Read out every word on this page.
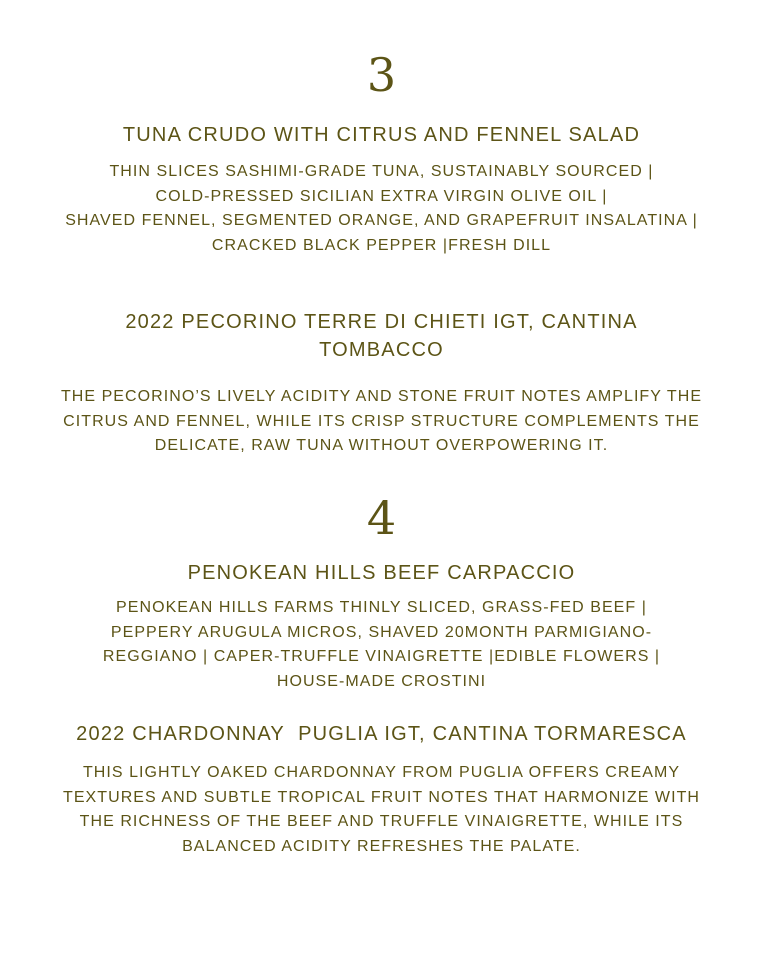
3
TUNA CRUDO WITH CITRUS AND FENNEL SALAD
THIN SLICES SASHIMI-GRADE TUNA, SUSTAINABLY SOURCED |
COLD-PRESSED SICILIAN EXTRA VIRGIN OLIVE OIL |
SHAVED FENNEL, SEGMENTED ORANGE, AND GRAPEFRUIT INSALATINA |
CRACKED BLACK PEPPER |FRESH DILL
2022 PECORINO TERRE DI CHIETI IGT, CANTINA
TOMBACCO
THE PECORINO’S LIVELY ACIDITY AND STONE FRUIT NOTES AMPLIFY THE
CITRUS AND FENNEL, WHILE ITS CRISP STRUCTURE COMPLEMENTS THE
DELICATE, RAW TUNA WITHOUT OVERPOWERING IT.
4
PENOKEAN HILLS BEEF CARPACCIO
PENOKEAN HILLS FARMS THINLY SLICED, GRASS-FED BEEF |
PEPPERY ARUGULA MICROS, SHAVED 20MONTH PARMIGIANO-
REGGIANO | CAPER-TRUFFLE VINAIGRETTE |EDIBLE FLOWERS |
HOUSE-MADE CROSTINI
2022 CHARDONNAY  PUGLIA IGT, CANTINA TORMARESCA
THIS LIGHTLY OAKED CHARDONNAY FROM PUGLIA OFFERS CREAMY
TEXTURES AND SUBTLE TROPICAL FRUIT NOTES THAT HARMONIZE WITH
THE RICHNESS OF THE BEEF AND TRUFFLE VINAIGRETTE, WHILE ITS
BALANCED ACIDITY REFRESHES THE PALATE.
